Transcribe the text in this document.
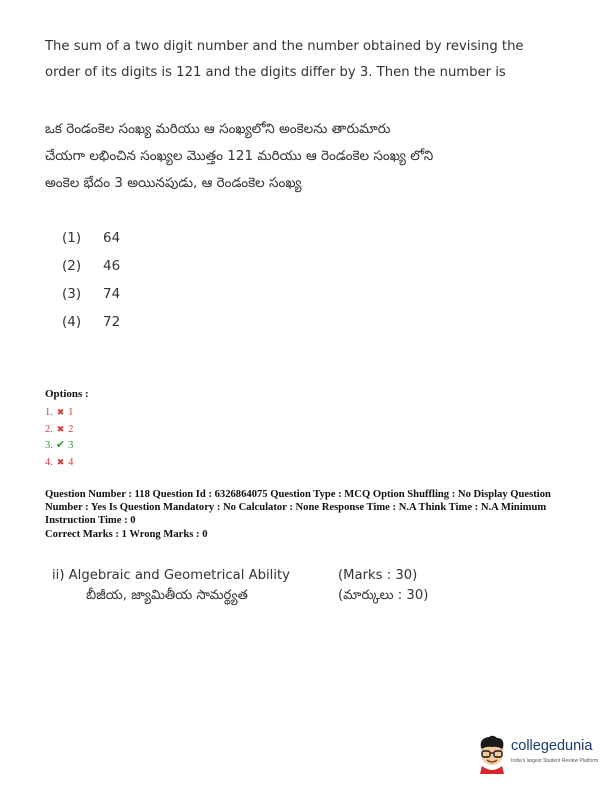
The sum of a two digit number and the number obtained by revising the
order of its digits is 121 and the digits differ by 3. Then the number is
ఒక రెండంకెల సంఖ్య మరియు ఆ సంఖ్యలోని అంకెలను తారుమారు
చేయగా లభించిన సంఖ్యల మొత్తం 121 మరియు ఆ రెండంకెల సంఖ్య లోని
అంకెల భేదం 3 అయినపుడు, ఆ రెండంకెల సంఖ్య
(1) 64
(2) 46
(3) 74
(4) 72
Options :
1. ✖ 1
2. ✖ 2
3. ✔ 3
4. ✖ 4
Question Number : 118 Question Id : 6326864075 Question Type : MCQ Option Shuffling : No Display Question
Number : Yes Is Question Mandatory : No Calculator : None Response Time : N.A Think Time : N.A Minimum
Instruction Time : 0
Correct Marks : 1 Wrong Marks : 0
ii) Algebraic and Geometrical Ability	(Marks : 30)
బీజీయ, జ్యామితీయ సామర్థ్యత	(మార్కులు : 30)
collegedunia
India's largest Student Review Platform
